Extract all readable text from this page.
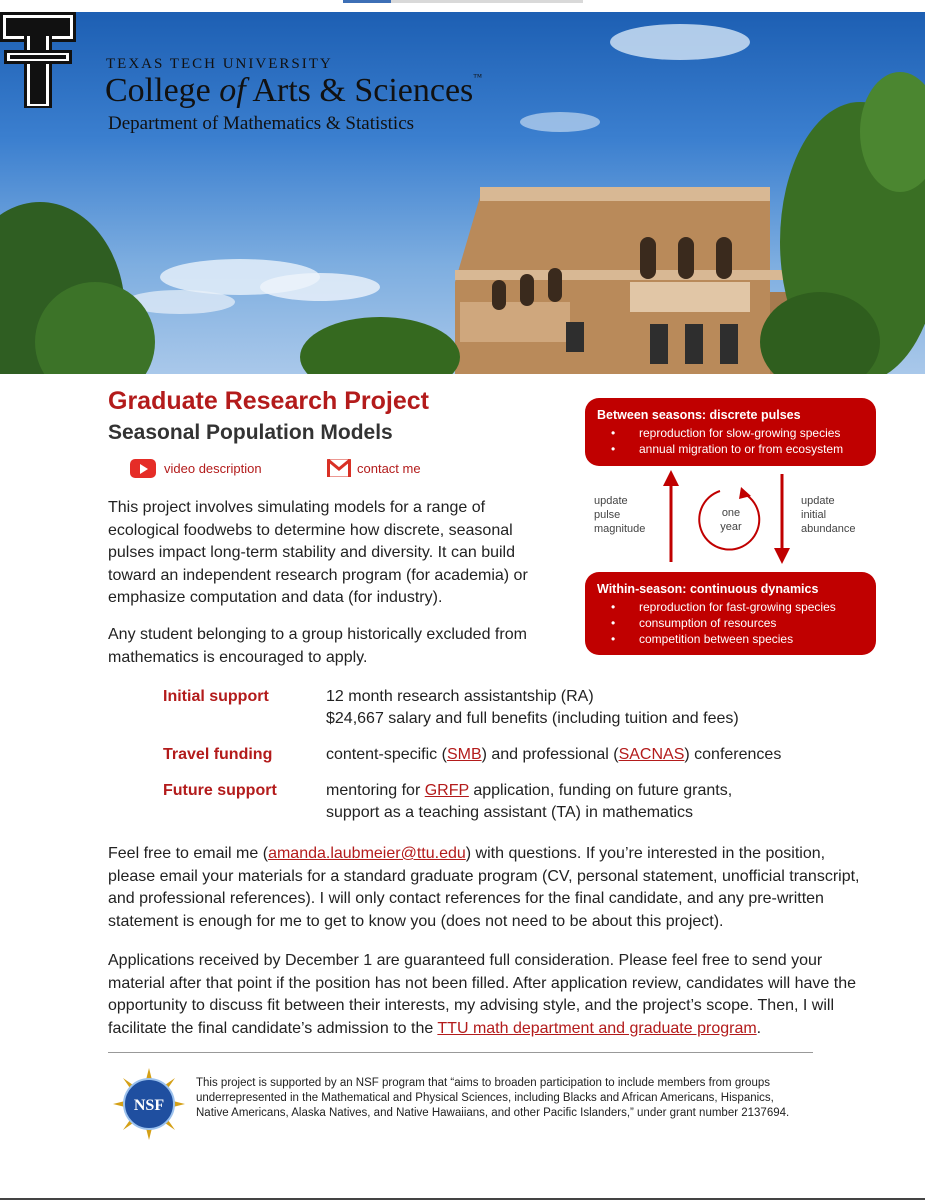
TEXAS TECH UNIVERSITY
College of Arts & Sciences™
Department of Mathematics & Statistics
Graduate Research Project
Seasonal Population Models
video description	contact me
This project involves simulating models for a range of ecological foodwebs to determine how discrete, seasonal pulses impact long-term stability and diversity. It can build toward an independent research program (for academia) or emphasize computation and data (for industry).
Any student belonging to a group historically excluded from mathematics is encouraged to apply.
Between seasons: discrete pulses
• reproduction for slow-growing species
• annual migration to or from ecosystem
Within-season: continuous dynamics
• reproduction for fast-growing species
• consumption of resources
• competition between species
update
pulse
magnitude
one
year
update
initial
abundance
Initial support	12 month research assistantship (RA)
$24,667 salary and full benefits (including tuition and fees)
Travel funding	content-specific (SMB) and professional (SACNAS) conferences
Future support	mentoring for GRFP application, funding on future grants,
support as a teaching assistant (TA) in mathematics
Feel free to email me (amanda.laubmeier@ttu.edu) with questions. If you’re interested in the position, please email your materials for a standard graduate program (CV, personal statement, unofficial transcript, and professional references). I will only contact references for the final candidate, and any pre-written statement is enough for me to get to know you (does not need to be about this project).
Applications received by December 1 are guaranteed full consideration. Please feel free to send your material after that point if the position has not been filled. After application review, candidates will have the opportunity to discuss fit between their interests, my advising style, and the project’s scope. Then, I will facilitate the final candidate’s admission to the TTU math department and graduate program.
NSF
This project is supported by an NSF program that “aims to broaden participation to include members from groups underrepresented in the Mathematical and Physical Sciences, including Blacks and African Americans, Hispanics, Native Americans, Alaska Natives, and Native Hawaiians, and other Pacific Islanders,” under grant number 2137694.
